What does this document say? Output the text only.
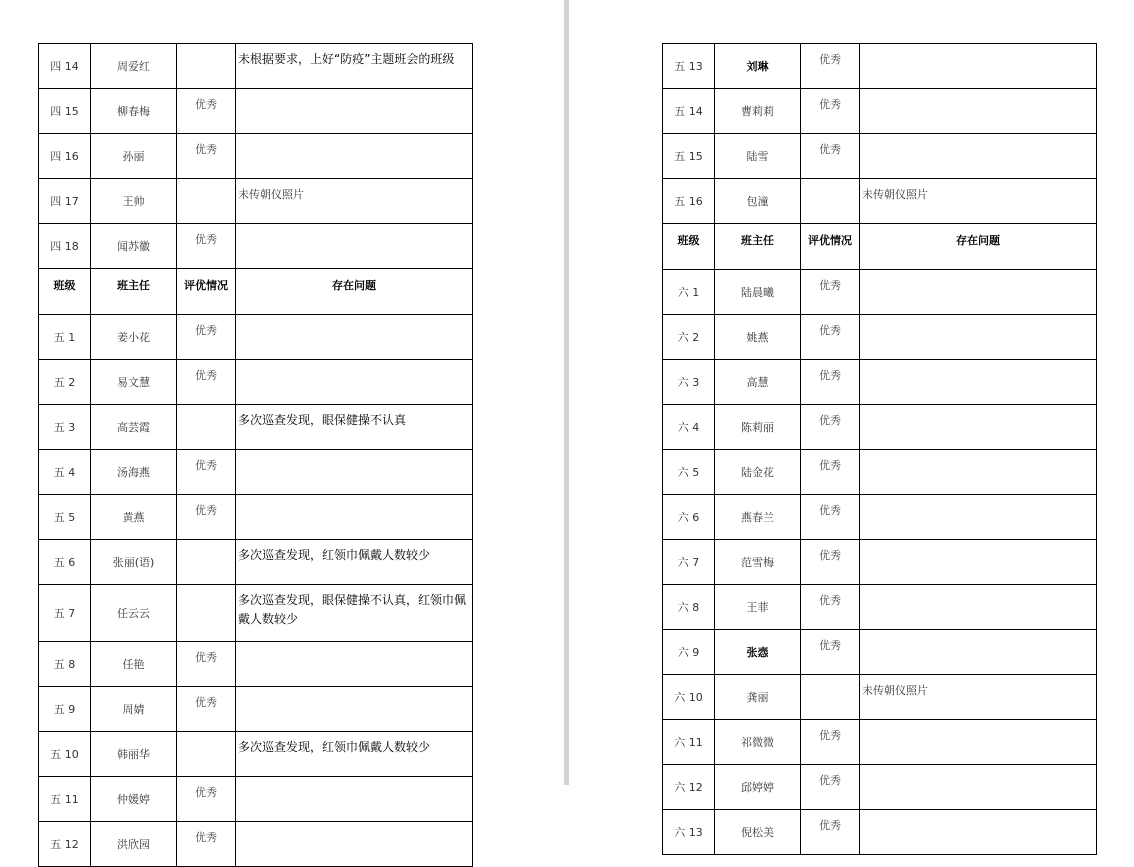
四 14	周爱红		未根据要求，上好“防疫”主题班会的班级
四 15	柳春梅	优秀	
四 16	孙丽	优秀	
四 17	王帅		未传朝仪照片
四 18	闻苏徽	优秀	
班级	班主任	评优情况	存在问题
五 1	姜小花	优秀	
五 2	易文慧	优秀	
五 3	高芸霞		多次巡查发现，眼保健操不认真
五 4	汤海燕	优秀	
五 5	黄燕	优秀	
五 6	张丽(语)		多次巡查发现，红领巾佩戴人数较少
五 7	任云云		多次巡查发现，眼保健操不认真，红领巾佩戴人数较少
五 8	任艳	优秀	
五 9	周婧	优秀	
五 10	韩丽华		多次巡查发现，红领巾佩戴人数较少
五 11	仲媛婷	优秀	
五 12	洪欣园	优秀	
五 13	刘琳	优秀	
五 14	曹莉莉	优秀	
五 15	陆雪	优秀	
五 16	包潼		未传朝仪照片
班级	班主任	评优情况	存在问题
六 1	陆晨曦	优秀	
六 2	姚燕	优秀	
六 3	高慧	优秀	
六 4	陈莉丽	优秀	
六 5	陆金花	优秀	
六 6	燕春兰	优秀	
六 7	范雪梅	优秀	
六 8	王菲	优秀	
六 9	张悫	优秀	
六 10	龚丽		未传朝仪照片
六 11	祁微微	优秀	
六 12	邱婷婷	优秀	
六 13	倪松美	优秀	
